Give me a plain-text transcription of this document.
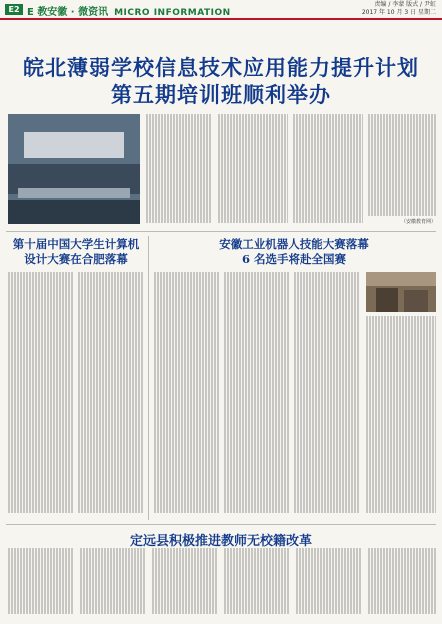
E2 E 教安徽 · 微资讯 MICRO INFORMATION
责编 / 李蒙 版式 / 尹虹
2017 年 10 月 3 日 星期二
皖北薄弱学校信息技术应用能力提升计划
第五期培训班顺利举办
（安徽教育网）
第十届中国大学生计算机
设计大赛在合肥落幕
安徽工业机器人技能大赛落幕
6 名选手将赴全国赛
定远县积极推进教师无校籍改革
